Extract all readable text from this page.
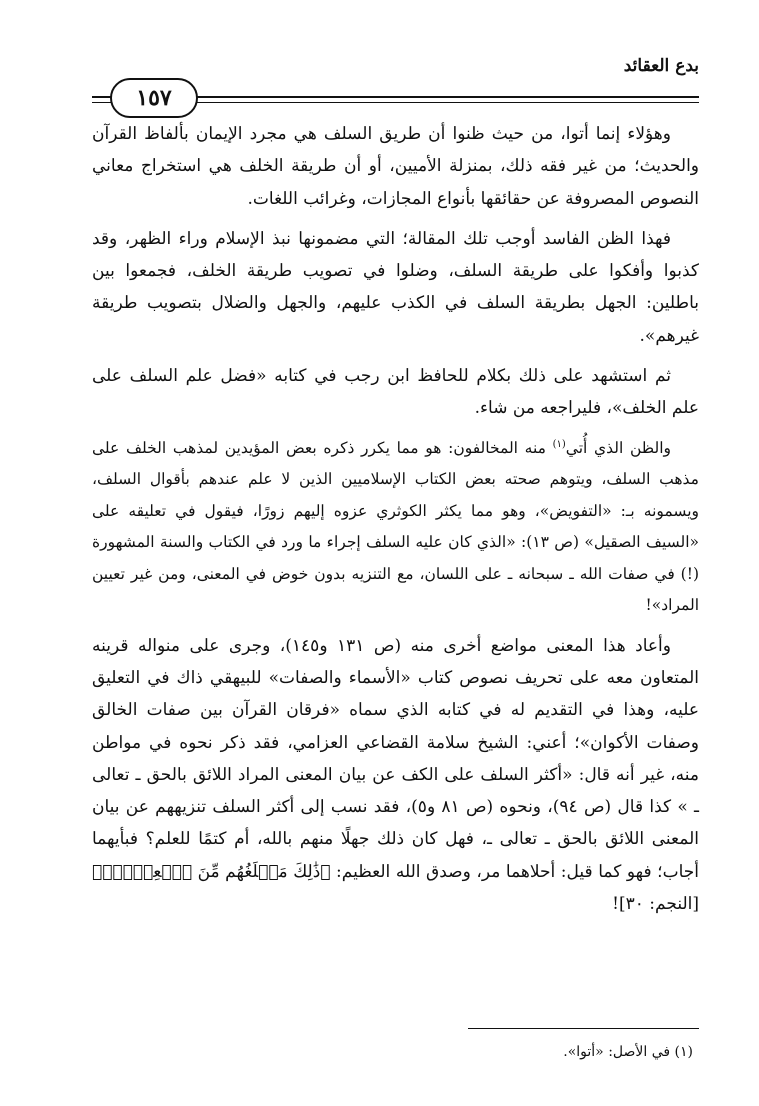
بدع العقائد
١٥٧

وهؤلاء إنما أتوا، من حيث ظنوا أن طريق السلف هي مجرد الإيمان بألفاظ القرآن والحديث؛ من غير فقه ذلك، بمنزلة الأميين، أو أن طريقة الخلف هي استخراج معاني النصوص المصروفة عن حقائقها بأنواع المجازات، وغرائب اللغات.

فهذا الظن الفاسد أوجب تلك المقالة؛ التي مضمونها نبذ الإسلام وراء الظهر، وقد كذبوا وأفكوا على طريقة السلف، وضلوا في تصويب طريقة الخلف، فجمعوا بين باطلين: الجهل بطريقة السلف في الكذب عليهم، والجهل والضلال بتصويب طريقة غيرهم».

ثم استشهد على ذلك بكلام للحافظ ابن رجب في كتابه «فضل علم السلف على علم الخلف»، فليراجعه من شاء.

والظن الذي أُتي$^{(١)}$ منه المخالفون: هو مما يكرر ذكره بعض المؤيدين لمذهب الخلف على مذهب السلف، ويتوهم صحته بعض الكتاب الإسلاميين الذين لا علم عندهم بأقوال السلف، ويسمونه بـ: «التفويض»، وهو مما يكثر الكوثري عزوه إليهم زورًا، فيقول في تعليقه على «السيف الصقيل» (ص ١٣): «الذي كان عليه السلف إجراء ما ورد في الكتاب والسنة المشهورة (!) في صفات الله ـ سبحانه ـ على اللسان، مع التنزيه بدون خوض في المعنى، ومن غير تعيين المراد»!

وأعاد هذا المعنى مواضع أخرى منه (ص ١٣١ و١٤٥)، وجرى على منواله قرينه المتعاون معه على تحريف نصوص كتاب «الأسماء والصفات» للبيهقي ذاك في التعليق عليه، وهذا في التقديم له في كتابه الذي سماه «فرقان القرآن بين صفات الخالق وصفات الأكوان»؛ أعني: الشيخ سلامة القضاعي العزامي، فقد ذكر نحوه في مواطن منه، غير أنه قال: «أكثر السلف على الكف عن بيان المعنى المراد اللائق بالحق ـ تعالى ـ » كذا قال (ص ٩٤)، ونحوه (ص ٨١ و٥)، فقد نسب إلى أكثر السلف تنزيههم عن بيان المعنى اللائق بالحق ـ تعالى ـ، فهل كان ذلك جهلًا منهم بالله، أم كتمًا للعلم؟ فبأيهما أجاب؛ فهو كما قيل: أحلاهما مر، وصدق الله العظيم: ﴿ذَٰلِكَ مَبۡلَغُهُم مِّنَ ٱلۡعِلۡمِۚ﴾ [النجم: ٣٠]!

(١) في الأصل: «أتوا».
